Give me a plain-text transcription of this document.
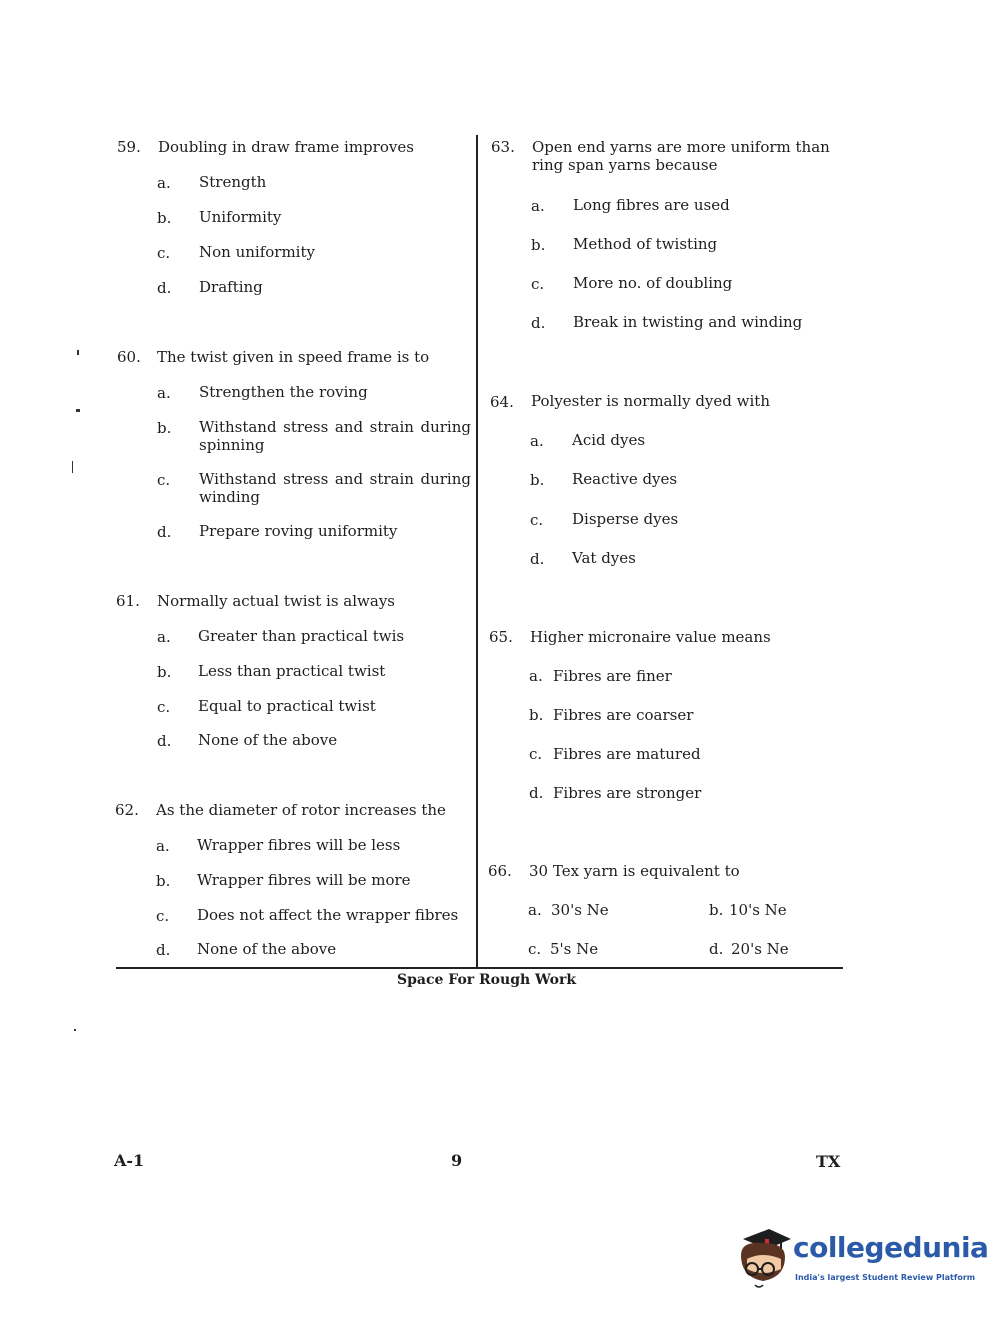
59. Doubling in draw frame improves
a. Strength
b. Uniformity
c. Non uniformity
d. Drafting
60. The twist given in speed frame is to
a. Strengthen the roving
b. Withstand stress and strain during spinning
c. Withstand stress and strain during winding
d. Prepare roving uniformity
61. Normally actual twist is always
a. Greater than practical twis
b. Less than practical twist
c. Equal to practical twist
d. None of the above
62. As the diameter of rotor increases the
a. Wrapper fibres will be less
b. Wrapper fibres will be more
c. Does not affect the wrapper fibres
d. None of the above
63. Open end yarns are more uniform than ring span yarns because
a. Long fibres are used
b. Method of twisting
c. More no. of doubling
d. Break in twisting and winding
64. Polyester is normally dyed with
a. Acid dyes
b. Reactive dyes
c. Disperse dyes
d. Vat dyes
65. Higher micronaire value means
a. Fibres are finer
b. Fibres are coarser
c. Fibres are matured
d. Fibres are stronger
66. 30 Tex yarn is equivalent to
a. 30's Ne	b. 10's Ne
c. 5's Ne	d. 20's Ne
Space For Rough Work
A-1	9	TX
collegedunia
India's largest Student Review Platform
